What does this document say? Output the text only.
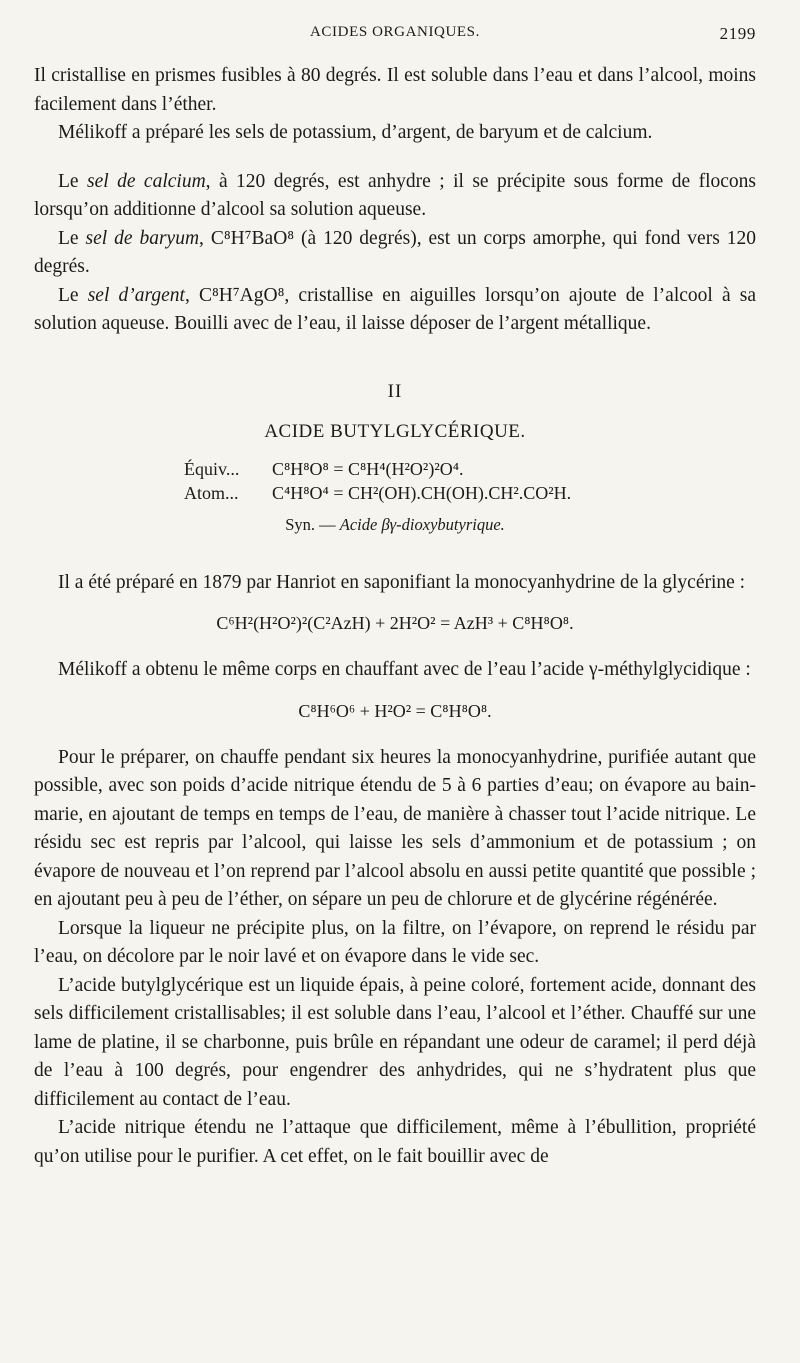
ACIDES ORGANIQUES.	2199

Il cristallise en prismes fusibles à 80 degrés. Il est soluble dans l’eau et dans l’alcool, moins facilement dans l’éther.

Mélikoff a préparé les sels de potassium, d’argent, de baryum et de calcium.

Le sel de calcium, à 120 degrés, est anhydre ; il se précipite sous forme de flocons lorsqu’on additionne d’alcool sa solution aqueuse.

Le sel de baryum, C⁸H⁷BaO⁸ (à 120 degrés), est un corps amorphe, qui fond vers 120 degrés.

Le sel d’argent, C⁸H⁷AgO⁸, cristallise en aiguilles lorsqu’on ajoute de l’alcool à sa solution aqueuse. Bouilli avec de l’eau, il laisse déposer de l’argent métallique.

II
ACIDE BUTYLGLYCÉRIQUE.
Équiv...	C⁸H⁸O⁸ = C⁸H⁴(H²O²)²O⁴.
Atom...	C⁴H⁸O⁴ = CH²(OH).CH(OH).CH².CO²H.
Syn. — Acide βγ-dioxybutyrique.

Il a été préparé en 1879 par Hanriot en saponifiant la monocyanhydrine de la glycérine :

C⁶H²(H²O²)²(C²AzH) + 2H²O² = AzH³ + C⁸H⁸O⁸.

Mélikoff a obtenu le même corps en chauffant avec de l’eau l’acide γ-méthylglycidique :

C⁸H⁶O⁶ + H²O² = C⁸H⁸O⁸.

Pour le préparer, on chauffe pendant six heures la monocyanhydrine, purifiée autant que possible, avec son poids d’acide nitrique étendu de 5 à 6 parties d’eau; on évapore au bain-marie, en ajoutant de temps en temps de l’eau, de manière à chasser tout l’acide nitrique. Le résidu sec est repris par l’alcool, qui laisse les sels d’ammonium et de potassium ; on évapore de nouveau et l’on reprend par l’alcool absolu en aussi petite quantité que possible ; en ajoutant peu à peu de l’éther, on sépare un peu de chlorure et de glycérine régénérée.

Lorsque la liqueur ne précipite plus, on la filtre, on l’évapore, on reprend le résidu par l’eau, on décolore par le noir lavé et on évapore dans le vide sec.

L’acide butylglycérique est un liquide épais, à peine coloré, fortement acide, donnant des sels difficilement cristallisables; il est soluble dans l’eau, l’alcool et l’éther. Chauffé sur une lame de platine, il se charbonne, puis brûle en répandant une odeur de caramel; il perd déjà de l’eau à 100 degrés, pour engendrer des anhydrides, qui ne s’hydratent plus que difficilement au contact de l’eau.

L’acide nitrique étendu ne l’attaque que difficilement, même à l’ébullition, propriété qu’on utilise pour le purifier. A cet effet, on le fait bouillir avec de
